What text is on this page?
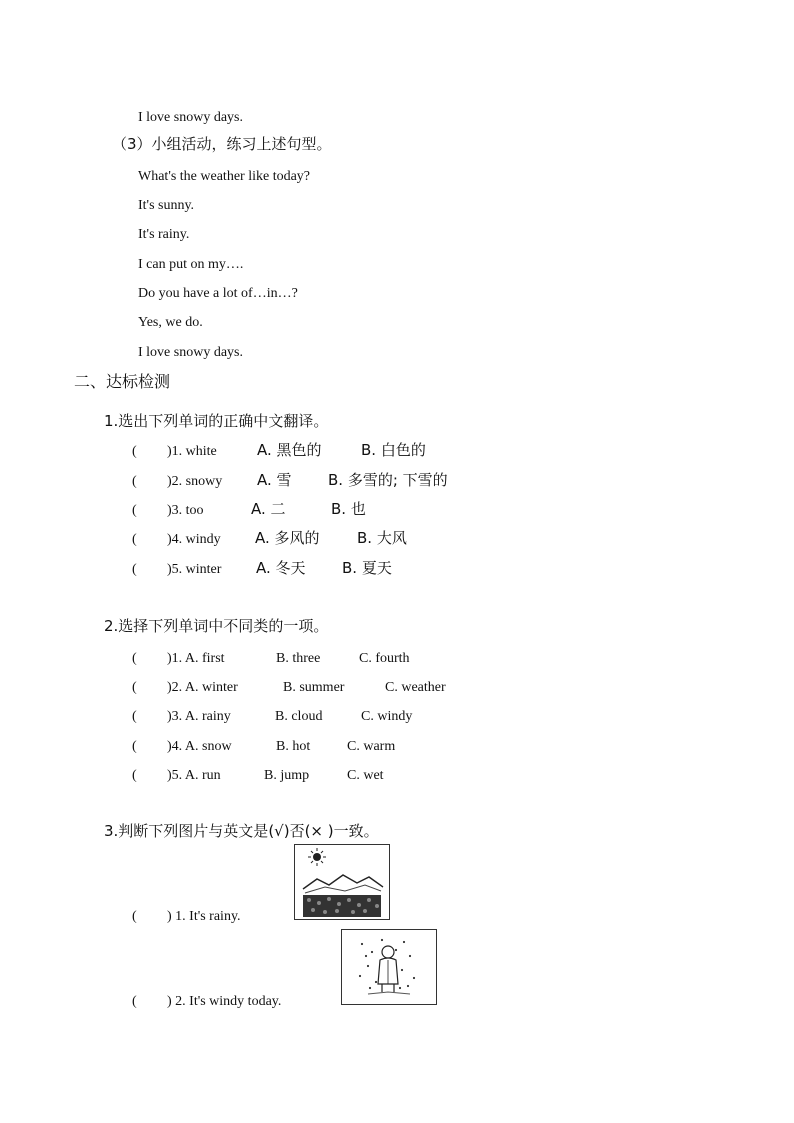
I love snowy days.
（3）小组活动，练习上述句型。
What's the weather like today?
It's sunny.
It's rainy.
I can put on my….
Do you have a lot of…in…?
Yes, we do.
I love snowy days.
二、达标检测
1.选出下列单词的正确中文翻译。
( )1. white	A. 黑色的	B. 白色的
( )2. snowy A. 雪 B. 多雪的; 下雪的
( )3. too	A. 二	B. 也
( )4. windy A. 多风的 B. 大风
( )5. winter A. 冬天 B. 夏天
2.选择下列单词中不同类的一项。
( )1. A. first	B. three	C. fourth
( )2. A. winter	B. summer	C. weather
( )3. A. rainy	B. cloud	C. windy
( )4. A. snow	B. hot	C. warm
( )5. A. run	B. jump	C. wet
3.判断下列图片与英文是(√)否(× )一致。
( ) 1. It's rainy.
( ) 2. It's windy today.
